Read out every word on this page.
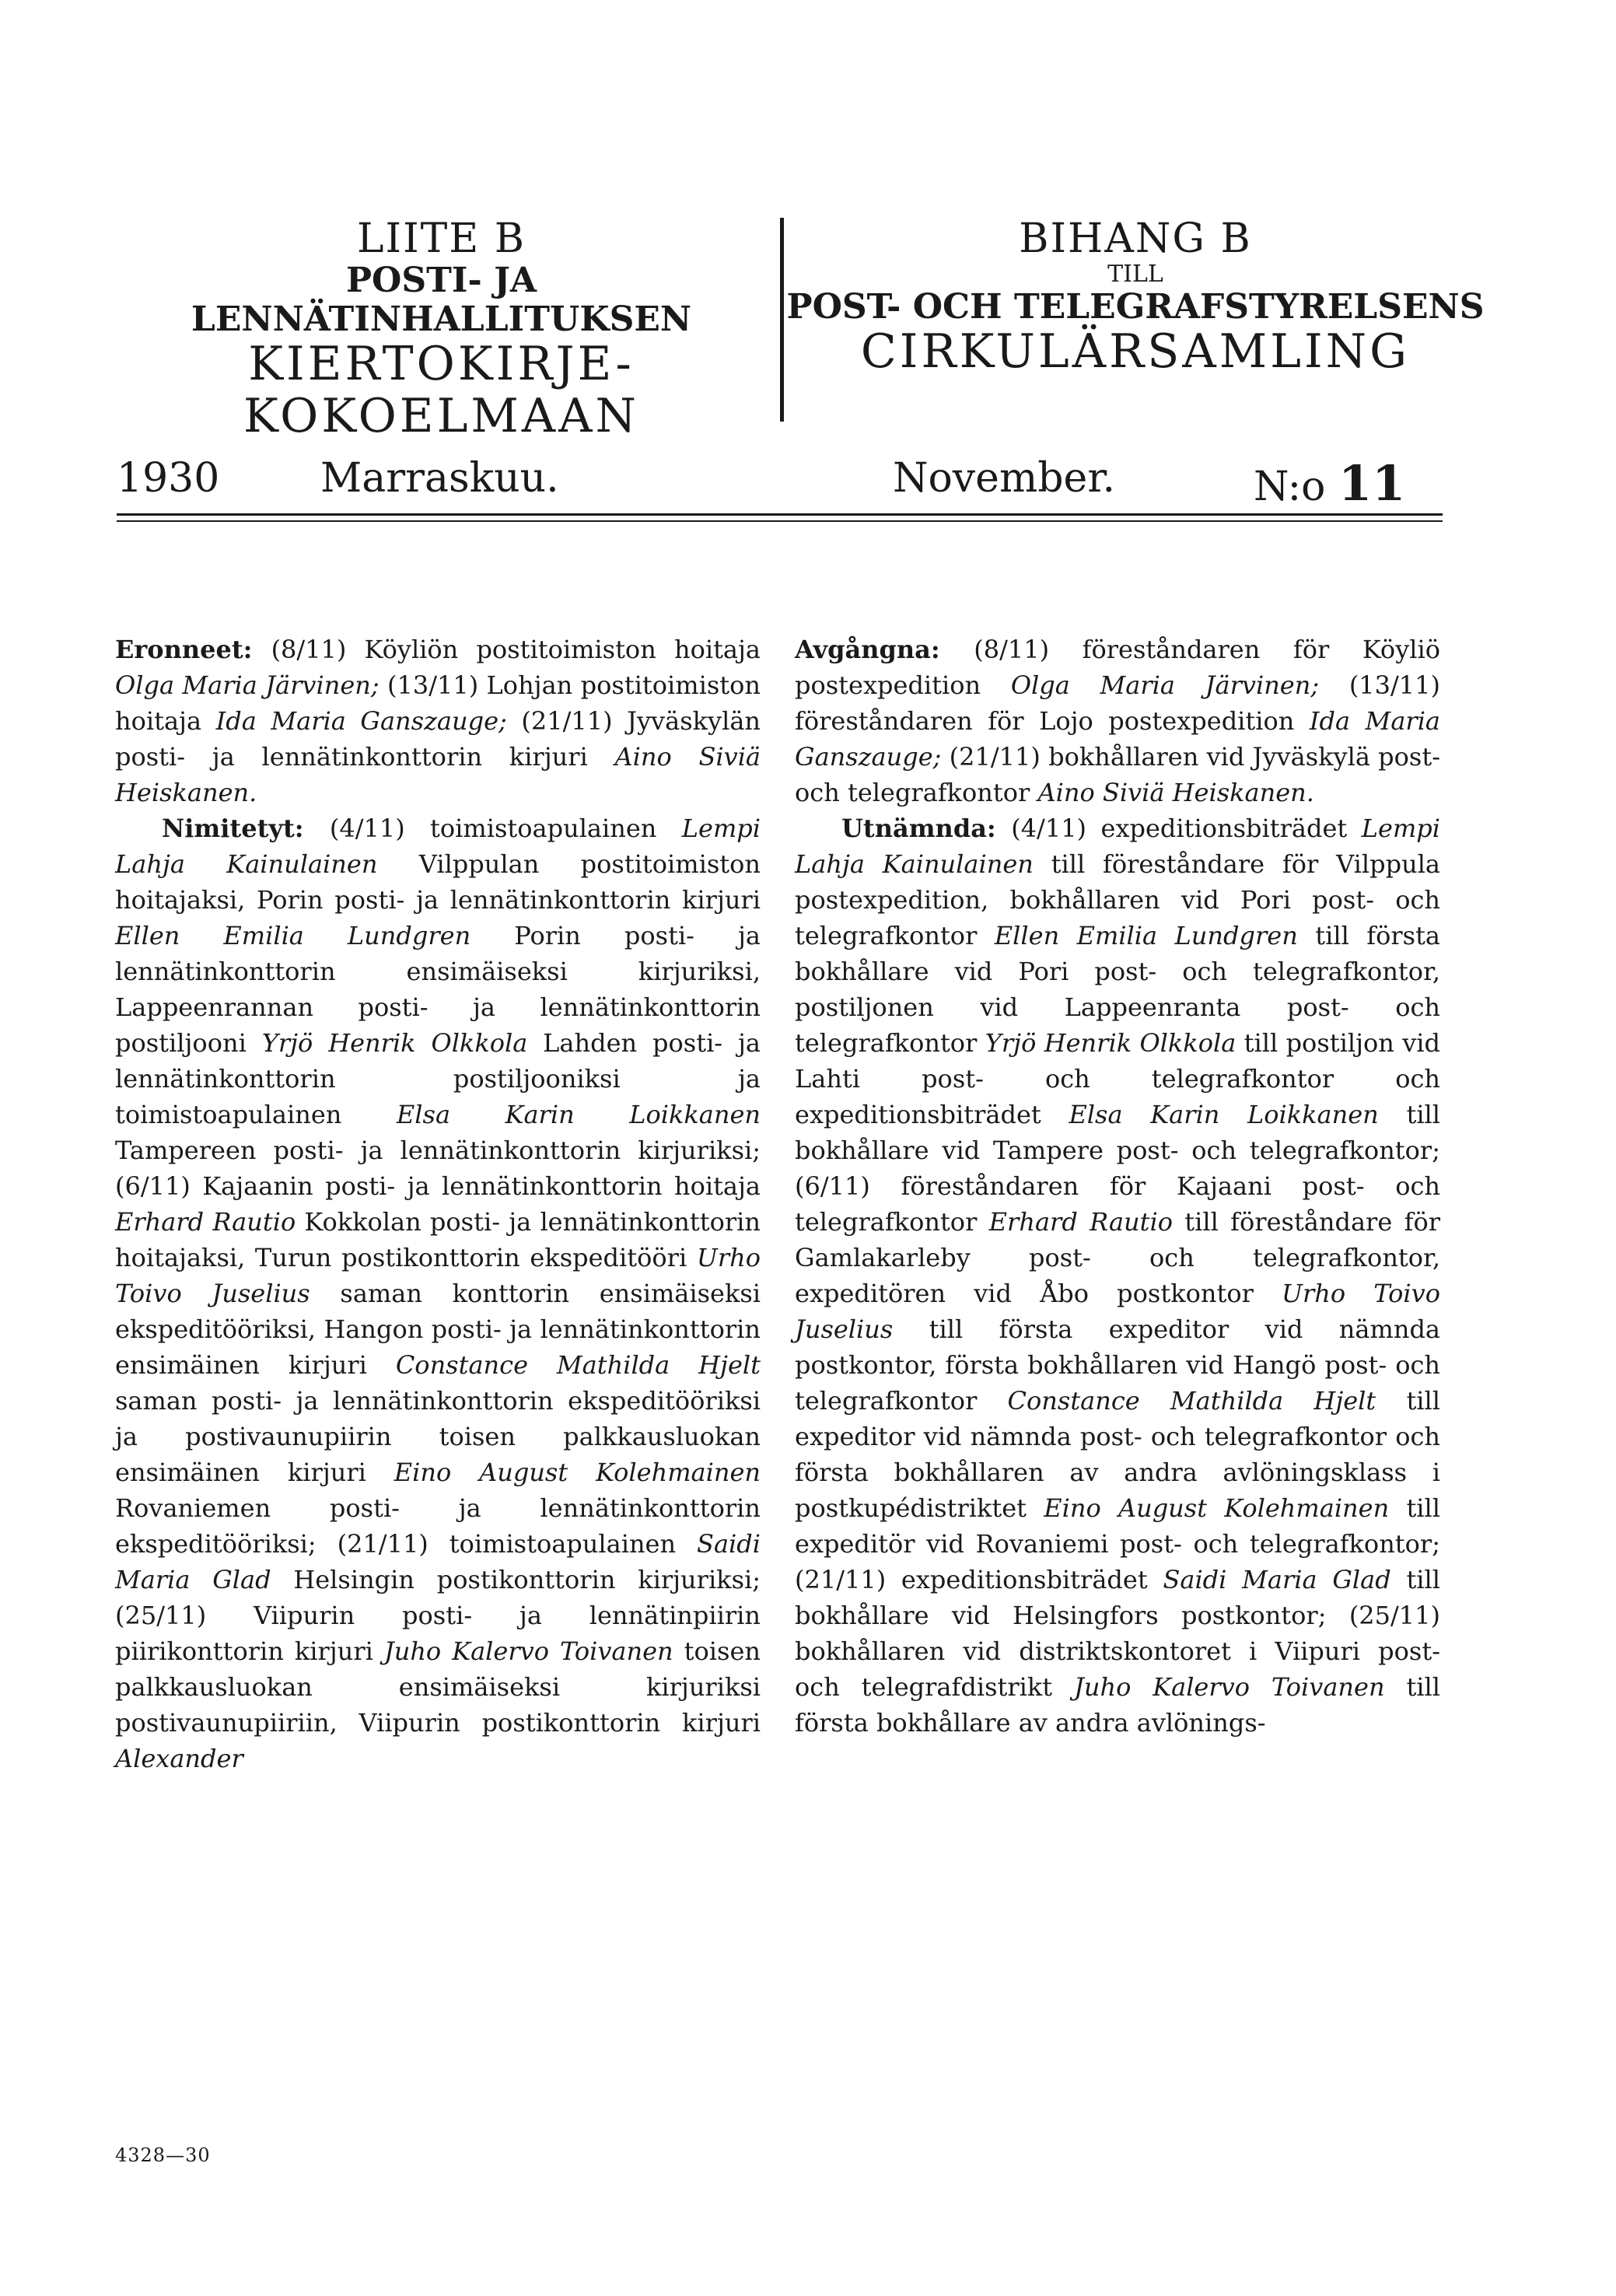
LIITE B
POSTI- JA LENNÄTINHALLITUKSEN
KIERTOKIRJE-
KOKOELMAAN
BIHANG B
TILL
POST- OCH TELEGRAFSTYRELSENS
CIRKULÄRSAMLING
1930 Marraskuu.	November.	N:o 11

Eronneet: (8/11) Köyliön postitoimiston hoitaja Olga Maria Järvinen; (13/11) Lohjan postitoimiston hoitaja Ida Maria Ganszauge; (21/11) Jyväskylän posti- ja lennätinkonttorin kirjuri Aino Siviä Heiskanen.

Nimitetyt: (4/11) toimistoapulainen Lempi Lahja Kainulainen Vilppulan postitoimiston hoitajaksi, Porin posti- ja lennätinkonttorin kirjuri Ellen Emilia Lundgren Porin posti- ja lennätinkonttorin ensimäiseksi kirjuriksi, Lappeenrannan posti- ja lennätinkonttorin postiljooni Yrjö Henrik Olkkola Lahden posti- ja lennätinkonttorin postiljooniksi ja toimistoapulainen Elsa Karin Loikkanen Tampereen posti- ja lennätinkonttorin kirjuriksi; (6/11) Kajaanin posti- ja lennätinkonttorin hoitaja Erhard Rautio Kokkolan posti- ja lennätinkonttorin hoitajaksi, Turun postikonttorin ekspeditööri Urho Toivo Juselius saman konttorin ensimäiseksi ekspeditööriksi, Hangon posti- ja lennätinkonttorin ensimäinen kirjuri Constance Mathilda Hjelt saman posti- ja lennätinkonttorin ekspeditööriksi ja postivaunupiirin toisen palkkausluokan ensimäinen kirjuri Eino August Kolehmainen Rovaniemen posti- ja lennätinkonttorin ekspeditööriksi; (21/11) toimistoapulainen Saidi Maria Glad Helsingin postikonttorin kirjuriksi; (25/11) Viipurin posti- ja lennätinpiirin piirikonttorin kirjuri Juho Kalervo Toivanen toisen palkkausluokan ensimäiseksi kirjuriksi postivaunupiiriin, Viipurin postikonttorin kirjuri Alexander

Avgångna: (8/11) föreståndaren för Köyliö postexpedition Olga Maria Järvinen; (13/11) föreståndaren för Lojo postexpedition Ida Maria Ganszauge; (21/11) bokhållaren vid Jyväskylä post- och telegrafkontor Aino Siviä Heiskanen.

Utnämnda: (4/11) expeditionsbiträdet Lempi Lahja Kainulainen till föreståndare för Vilppula postexpedition, bokhållaren vid Pori post- och telegrafkontor Ellen Emilia Lundgren till första bokhållare vid Pori post- och telegrafkontor, postiljonen vid Lappeenranta post- och telegrafkontor Yrjö Henrik Olkkola till postiljon vid Lahti post- och telegrafkontor och expeditionsbiträdet Elsa Karin Loikkanen till bokhållare vid Tampere post- och telegrafkontor; (6/11) föreståndaren för Kajaani post- och telegrafkontor Erhard Rautio till föreståndare för Gamlakarleby post- och telegrafkontor, expeditören vid Åbo postkontor Urho Toivo Juselius till första expeditor vid nämnda postkontor, första bokhållaren vid Hangö post- och telegrafkontor Constance Mathilda Hjelt till expeditor vid nämnda post- och telegrafkontor och första bokhållaren av andra avlöningsklass i postkupédistriktet Eino August Kolehmainen till expeditör vid Rovaniemi post- och telegrafkontor; (21/11) expeditionsbiträdet Saidi Maria Glad till bokhållare vid Helsingfors postkontor; (25/11) bokhållaren vid distriktskontoret i Viipuri post- och telegrafdistrikt Juho Kalervo Toivanen till första bokhållare av andra avlönings-

4328—30
